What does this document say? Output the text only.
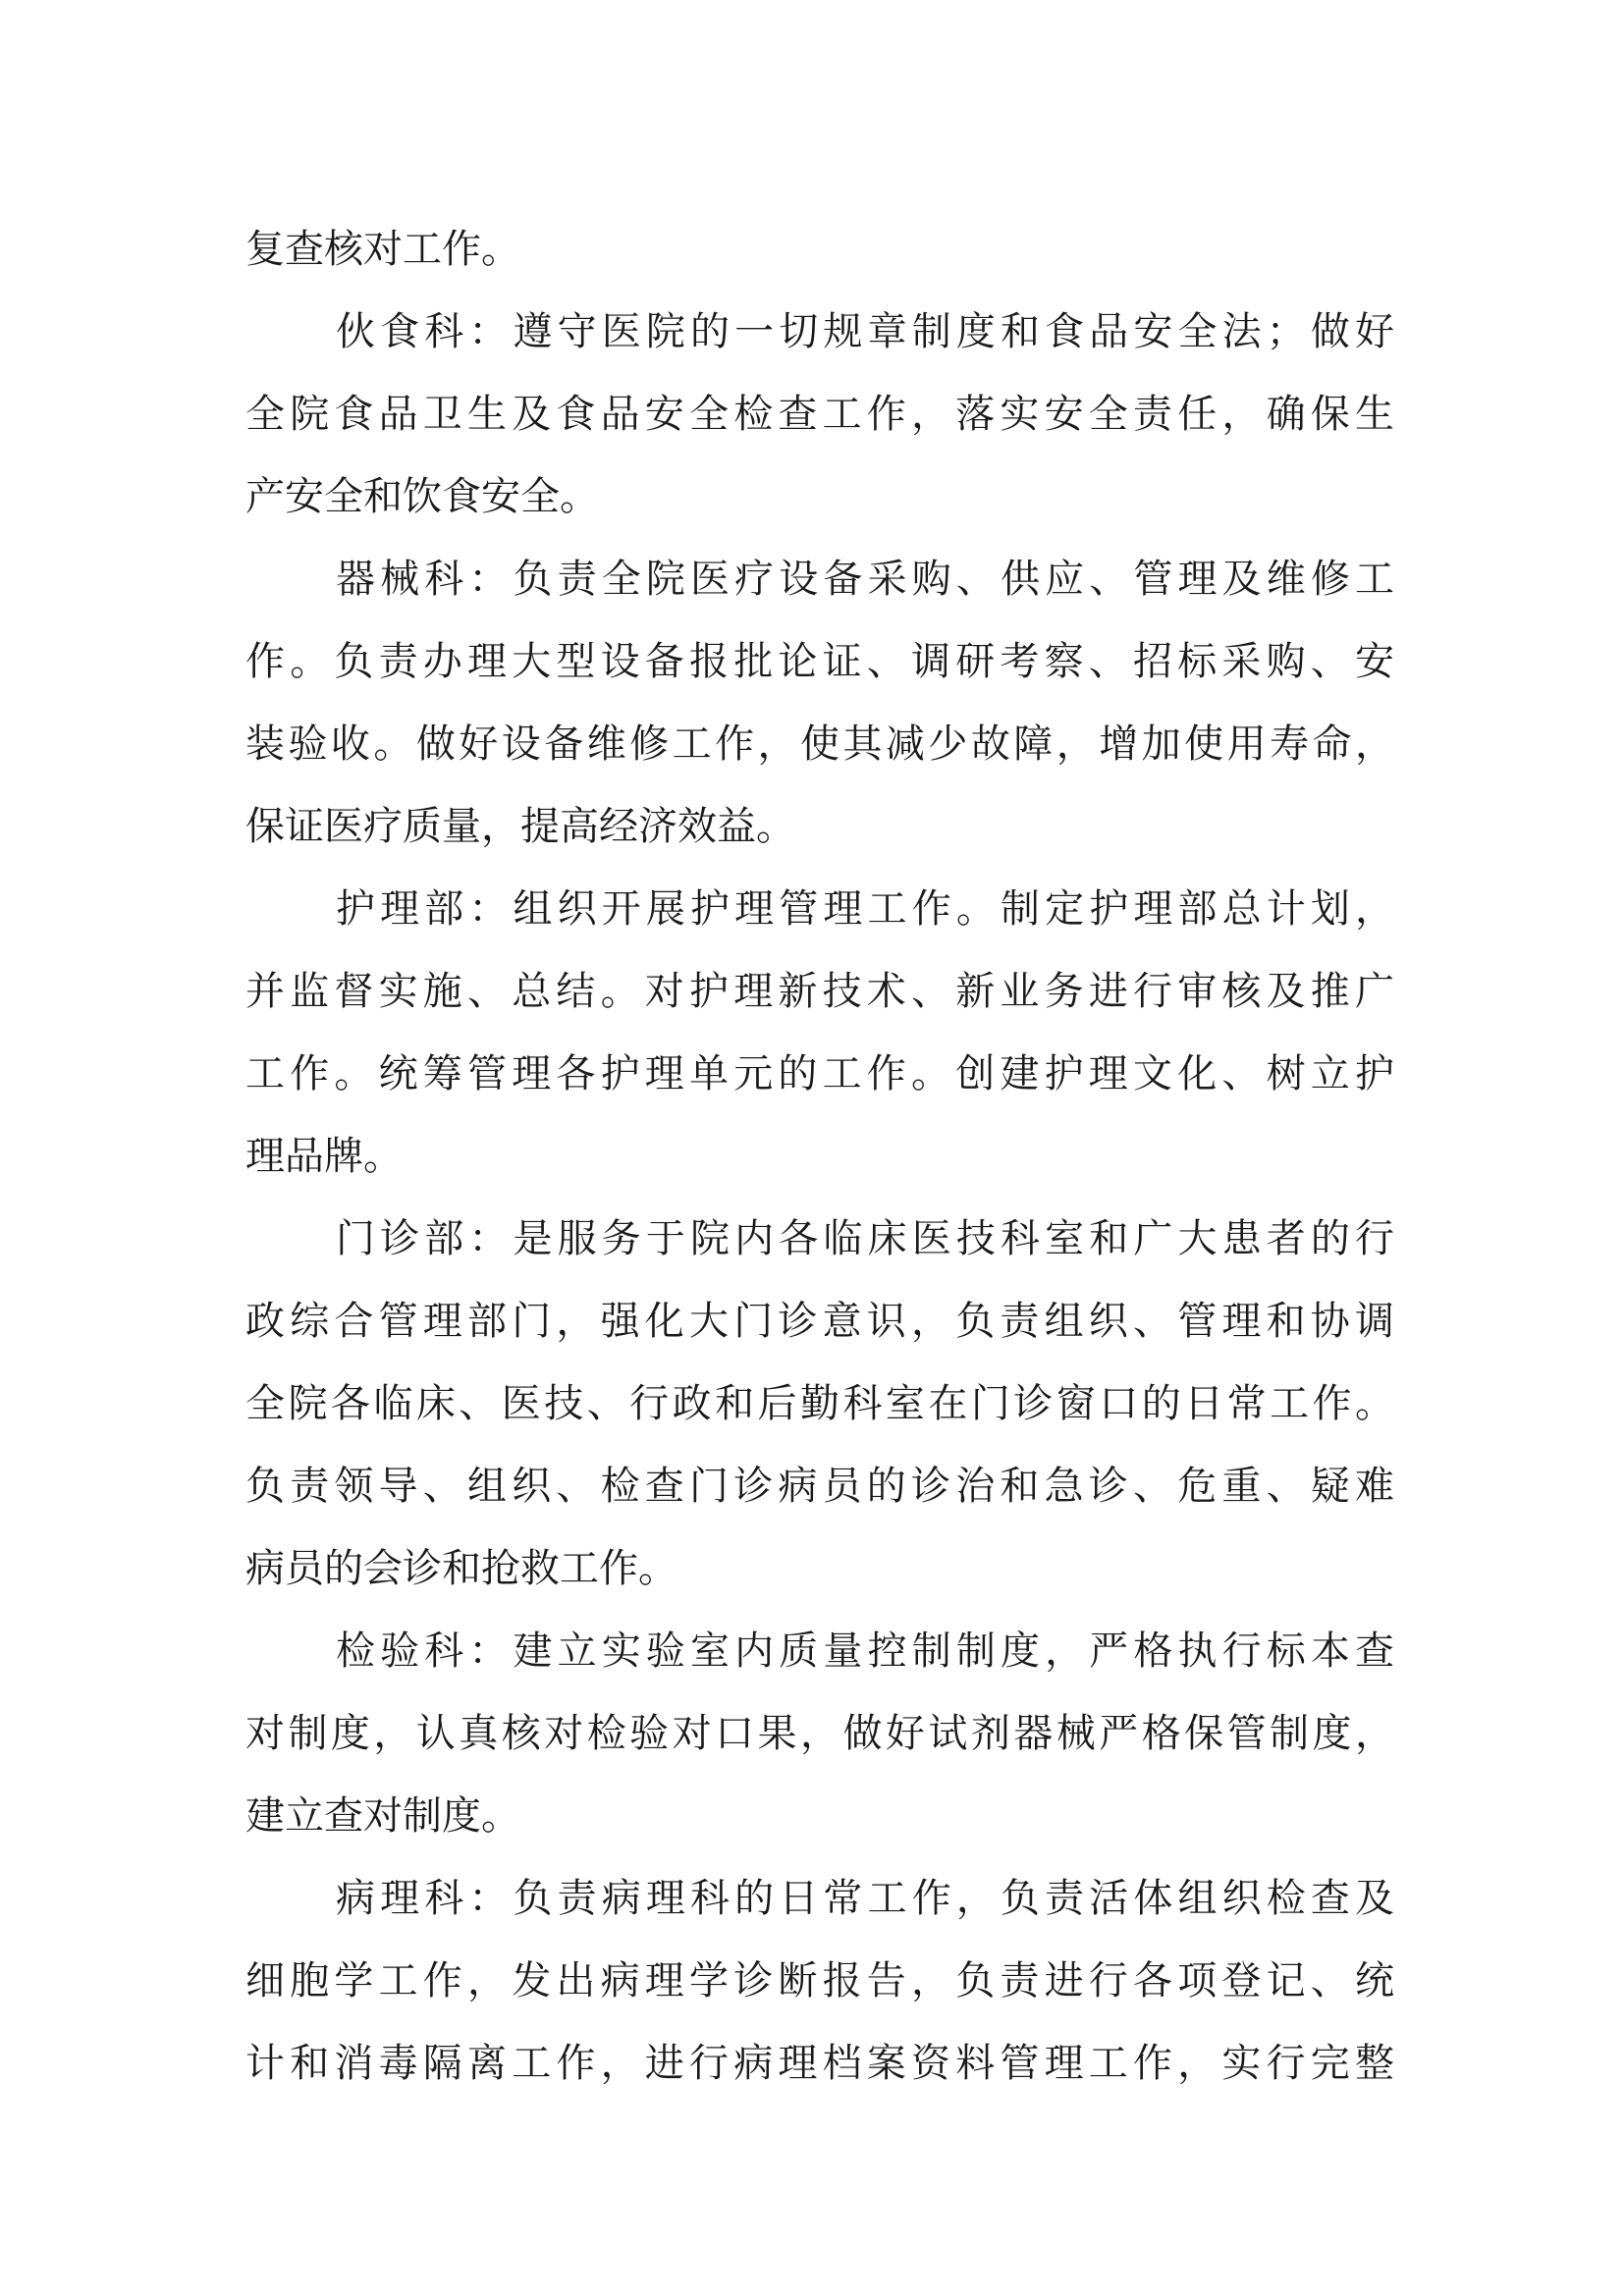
复查核对工作。
伙食科：遵守医院的一切规章制度和食品安全法；做好
全院食品卫生及食品安全检查工作，落实安全责任，确保生
产安全和饮食安全。
器械科：负责全院医疗设备采购、供应、管理及维修工
作。负责办理大型设备报批论证、调研考察、招标采购、安
装验收。做好设备维修工作，使其减少故障，增加使用寿命，
保证医疗质量，提高经济效益。
护理部：组织开展护理管理工作。制定护理部总计划，
并监督实施、总结。对护理新技术、新业务进行审核及推广
工作。统筹管理各护理单元的工作。创建护理文化、树立护
理品牌。
门诊部：是服务于院内各临床医技科室和广大患者的行
政综合管理部门，强化大门诊意识，负责组织、管理和协调
全院各临床、医技、行政和后勤科室在门诊窗口的日常工作。
负责领导、组织、检查门诊病员的诊治和急诊、危重、疑难
病员的会诊和抢救工作。
检验科：建立实验室内质量控制制度，严格执行标本查
对制度，认真核对检验对口果，做好试剂器械严格保管制度，
建立查对制度。
病理科：负责病理科的日常工作，负责活体组织检查及
细胞学工作，发出病理学诊断报告，负责进行各项登记、统
计和消毒隔离工作，进行病理档案资料管理工作，实行完整
